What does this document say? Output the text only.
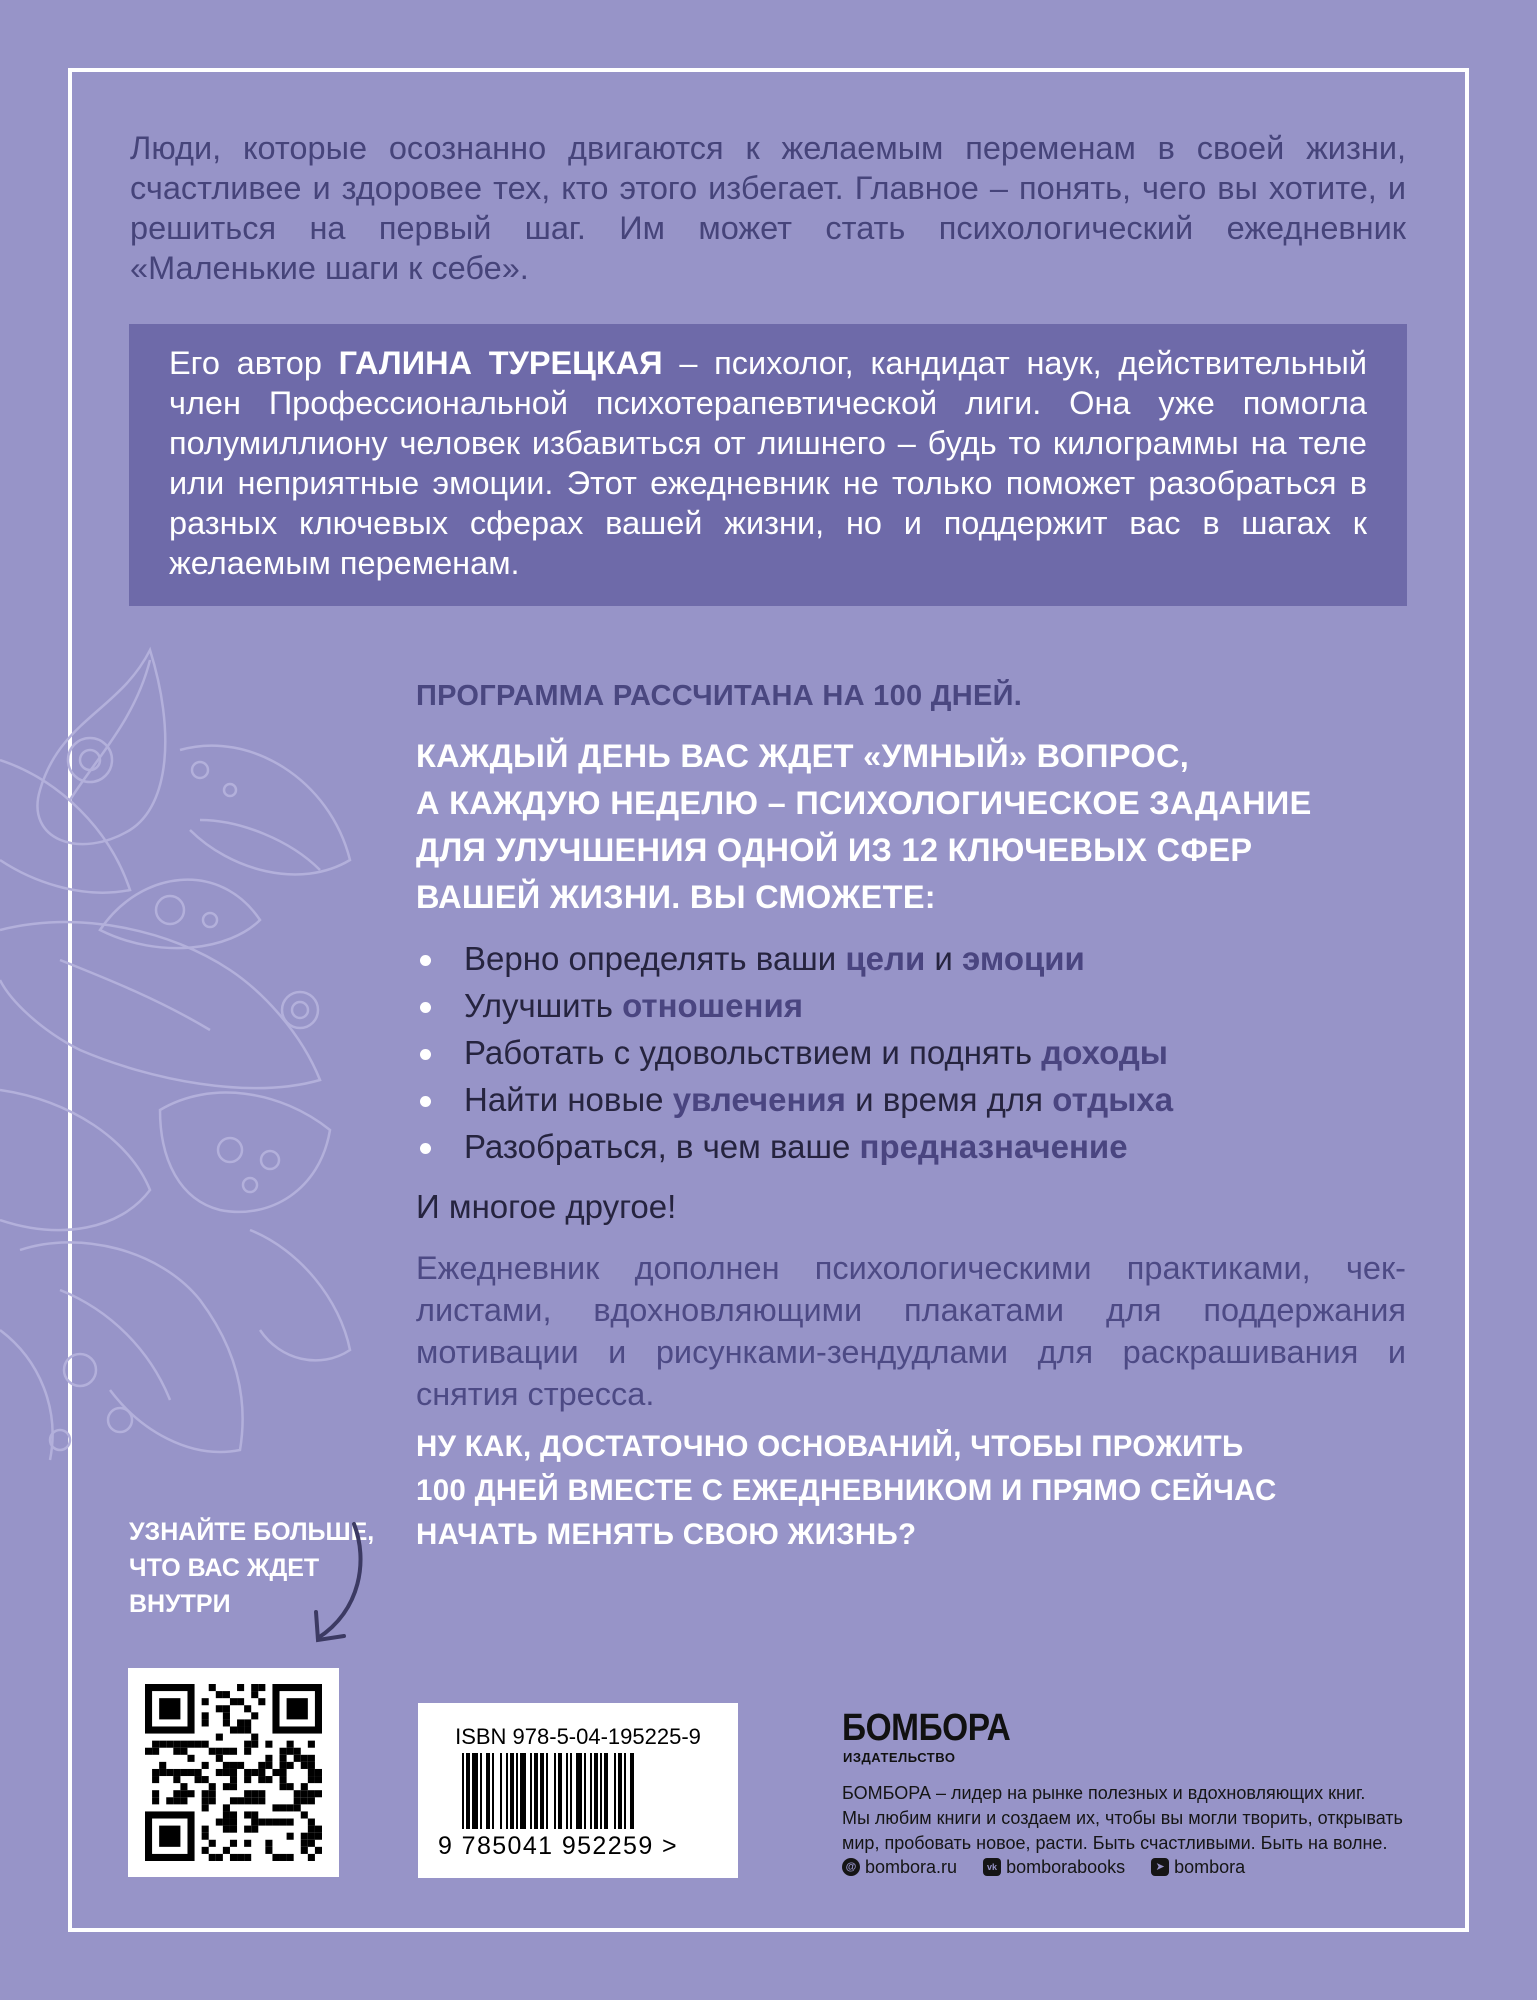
Люди, которые осознанно двигаются к желаемым переменам в своей жизни, счастливее и здоровее тех, кто этого избегает. Главное – понять, чего вы хотите, и решиться на первый шаг. Им может стать психологический ежедневник «Маленькие шаги к себе».

Его автор ГАЛИНА ТУРЕЦКАЯ – психолог, кандидат наук, действительный член Профессиональной психотерапевтической лиги. Она уже помогла полумиллиону человек избавиться от лишнего – будь то килограммы на теле или неприятные эмоции. Этот ежедневник не только поможет разобраться в разных ключевых сферах вашей жизни, но и поддержит вас в шагах к желаемым переменам.

ПРОГРАММА РАССЧИТАНА НА 100 ДНЕЙ.
КАЖДЫЙ ДЕНЬ ВАС ЖДЕТ «УМНЫЙ» ВОПРОС,
А КАЖДУЮ НЕДЕЛЮ – ПСИХОЛОГИЧЕСКОЕ ЗАДАНИЕ
ДЛЯ УЛУЧШЕНИЯ ОДНОЙ ИЗ 12 КЛЮЧЕВЫХ СФЕР
ВАШЕЙ ЖИЗНИ. ВЫ СМОЖЕТЕ:
Верно определять ваши цели и эмоции
Улучшить отношения
Работать с удовольствием и поднять доходы
Найти новые увлечения и время для отдыха
Разобраться, в чем ваше предназначение
И многое другое!

Ежедневник дополнен психологическими практиками, чек-листами, вдохновляющими плакатами для поддержания мотивации и рисунками-зендудлами для раскрашивания и снятия стресса.

НУ КАК, ДОСТАТОЧНО ОСНОВАНИЙ, ЧТОБЫ ПРОЖИТЬ
100 ДНЕЙ ВМЕСТЕ С ЕЖЕДНЕВНИКОМ И ПРЯМО СЕЙЧАС
НАЧАТЬ МЕНЯТЬ СВОЮ ЖИЗНЬ?
УЗНАЙТЕ БОЛЬШЕ,
ЧТО ВАС ЖДЕТ
ВНУТРИ
ISBN 978-5-04-195225-9
9 785041 952259 >
БОМБОРА
ИЗДАТЕЛЬСТВО
БОМБОРА – лидер на рынке полезных и вдохновляющих книг.
Мы любим книги и создаем их, чтобы вы могли творить, открывать
мир, пробовать новое, расти. Быть счастливыми. Быть на волне.
@ bombora.ru	vk bomborabooks	➤ bombora
